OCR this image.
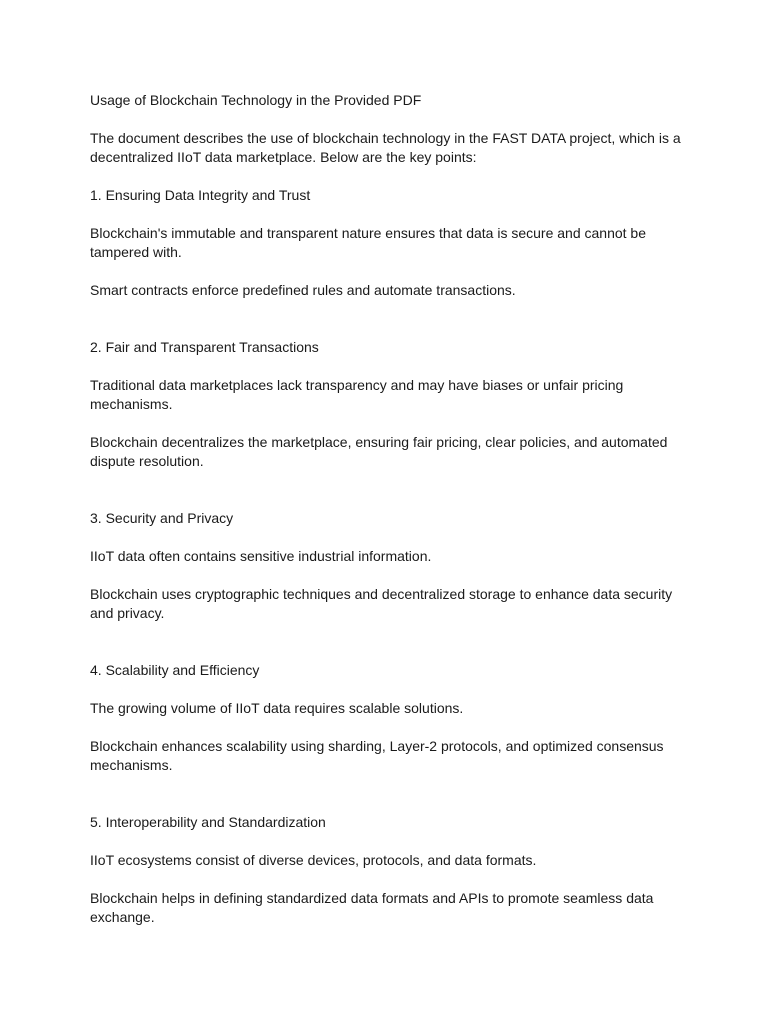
Usage of Blockchain Technology in the Provided PDF

The document describes the use of blockchain technology in the FAST DATA project, which is a decentralized IIoT data marketplace. Below are the key points:

1. Ensuring Data Integrity and Trust

Blockchain's immutable and transparent nature ensures that data is secure and cannot be tampered with.

Smart contracts enforce predefined rules and automate transactions.

2. Fair and Transparent Transactions

Traditional data marketplaces lack transparency and may have biases or unfair pricing mechanisms.

Blockchain decentralizes the marketplace, ensuring fair pricing, clear policies, and automated dispute resolution.

3. Security and Privacy

IIoT data often contains sensitive industrial information.

Blockchain uses cryptographic techniques and decentralized storage to enhance data security and privacy.

4. Scalability and Efficiency

The growing volume of IIoT data requires scalable solutions.

Blockchain enhances scalability using sharding, Layer-2 protocols, and optimized consensus mechanisms.

5. Interoperability and Standardization

IIoT ecosystems consist of diverse devices, protocols, and data formats.

Blockchain helps in defining standardized data formats and APIs to promote seamless data exchange.
